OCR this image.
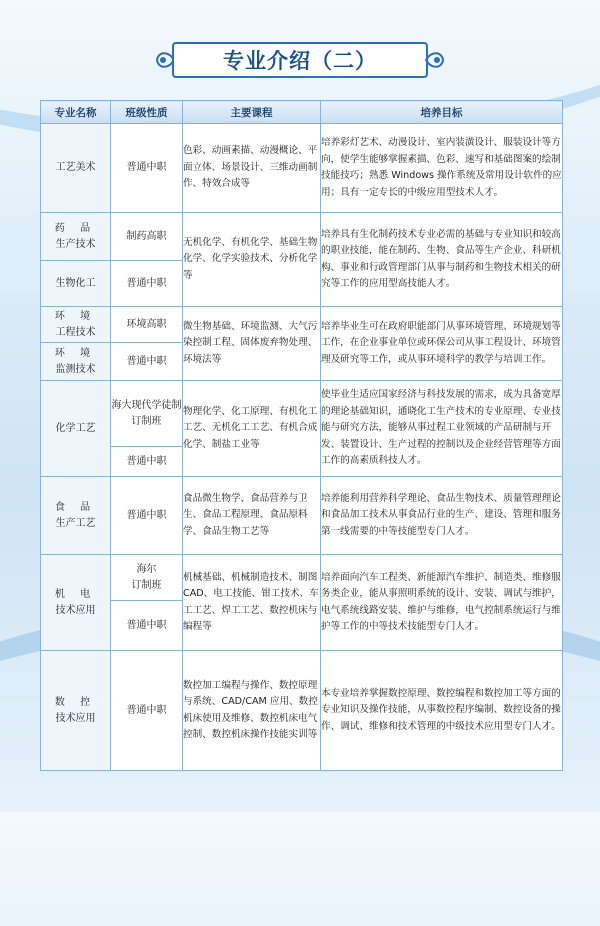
专业介绍（二）
专业名称	班级性质	主要课程	培养目标
工艺美术	普通中职	色彩、动画素描、动漫概论、平面立体、场景设计、三维动画制作、特效合成等	培养彩灯艺术、动漫设计、室内装潢设计、服装设计等方向，使学生能够掌握素描、色彩、速写和基础图案的绘制技能技巧；熟悉 Windows 操作系统及常用设计软件的应用；具有一定专长的中级应用型技术人才。

药 品
生产技术	制药高职	无机化学、有机化学、基础生物化学、化学实验技术、分析化学等	培养具有生化制药技术专业必需的基础与专业知识和较高的职业技能，能在制药、生物、食品等生产企业、科研机构、事业和行政管理部门从事与制药和生物技术相关的研究等工作的应用型高技能人才。
生物化工	普通中职		

环 境
工程技术	环境高职	微生物基础、环境监测、大气污染控制工程、固体废弃物处理、环境法等	培养毕业生可在政府职能部门从事环境管理、环境规划等工作，在企业事业单位或环保公司从事工程设计、环境管理及研究等工作，或从事环境科学的教学与培训工作。

环 境
监测技术	普通中职		
化学工艺	海大现代学徒制订制班	物理化学、化工原理、有机化工工艺、无机化工工艺、有机合成化学、制盐工业等	使毕业生适应国家经济与科技发展的需求，成为具备宽厚的理论基础知识，通晓化工生产技术的专业原理、专业技能与研究方法，能够从事过程工业领域的产品研制与开发、装置设计、生产过程的控制以及企业经营管理等方面工作的高素质科技人才。
	普通中职		

食 品
生产工艺	普通中职	食品微生物学、食品营养与卫生、食品工程原理、食品原料学、食品生物工艺等	培养能利用营养科学理论、食品生物技术、质量管理理论和食品加工技术从事食品行业的生产、建设、管理和服务第一线需要的中等技能型专门人才。

机 电
技术应用	海尔
订制班	机械基础、机械制造技术、制图 CAD、电工技能、钳工技术、车工工艺、焊工工艺、数控机床与编程等	培养面向汽车工程类、新能源汽车维护、制造类、维修服务类企业，能从事照明系统的设计、安装、调试与维护，电气系统线路安装、维护与维修，电气控制系统运行与维护等工作的中等技术技能型专门人才。
	普通中职		

数 控
技术应用	普通中职	数控加工编程与操作、数控原理与系统、CAD/CAM 应用、数控机床使用及维修、数控机床电气控制、数控机床操作技能实训等	本专业培养掌握数控原理、数控编程和数控加工等方面的专业知识及操作技能，从事数控程序编制、数控设备的操作、调试、维修和技术管理的中级技术应用型专门人才。
